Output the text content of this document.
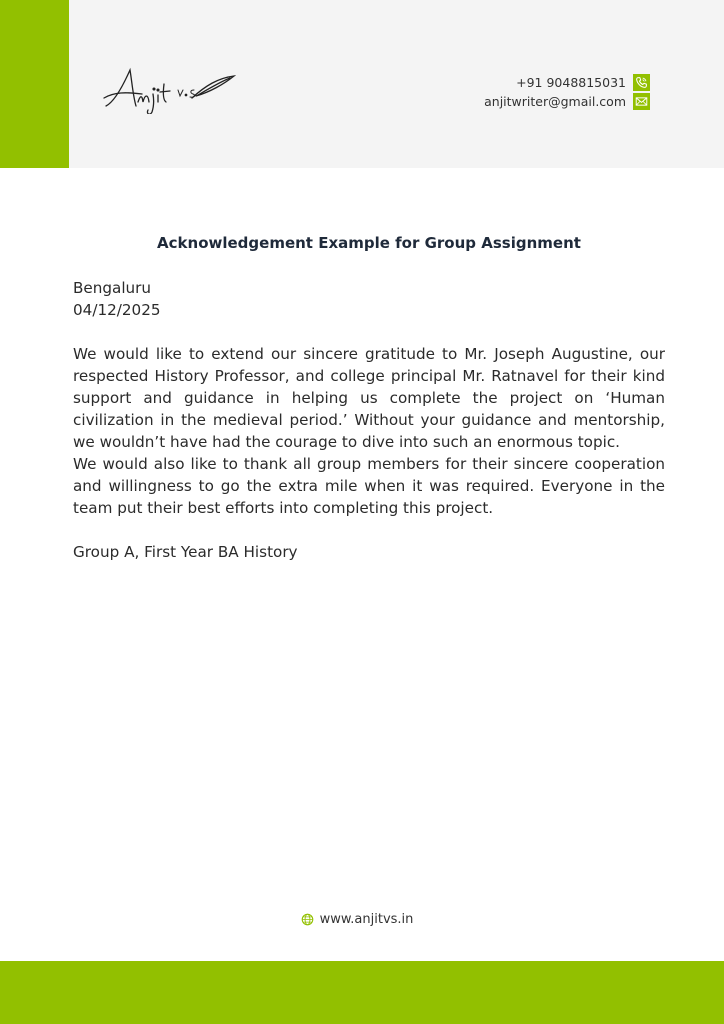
+91 9048815031
anjitwriter@gmail.com
Acknowledgement Example for Group Assignment

Bengaluru

04/12/2025

We would like to extend our sincere gratitude to Mr. Joseph Augustine, our respected History Professor, and college principal Mr. Ratnavel for their kind support and guidance in helping us complete the project on ‘Human civilization in the medieval period.’ Without your guidance and mentorship, we wouldn’t have had the courage to dive into such an enormous topic.

We would also like to thank all group members for their sincere cooperation and willingness to go the extra mile when it was required. Everyone in the team put their best efforts into completing this project.

Group A, First Year BA History

www.anjitvs.in
